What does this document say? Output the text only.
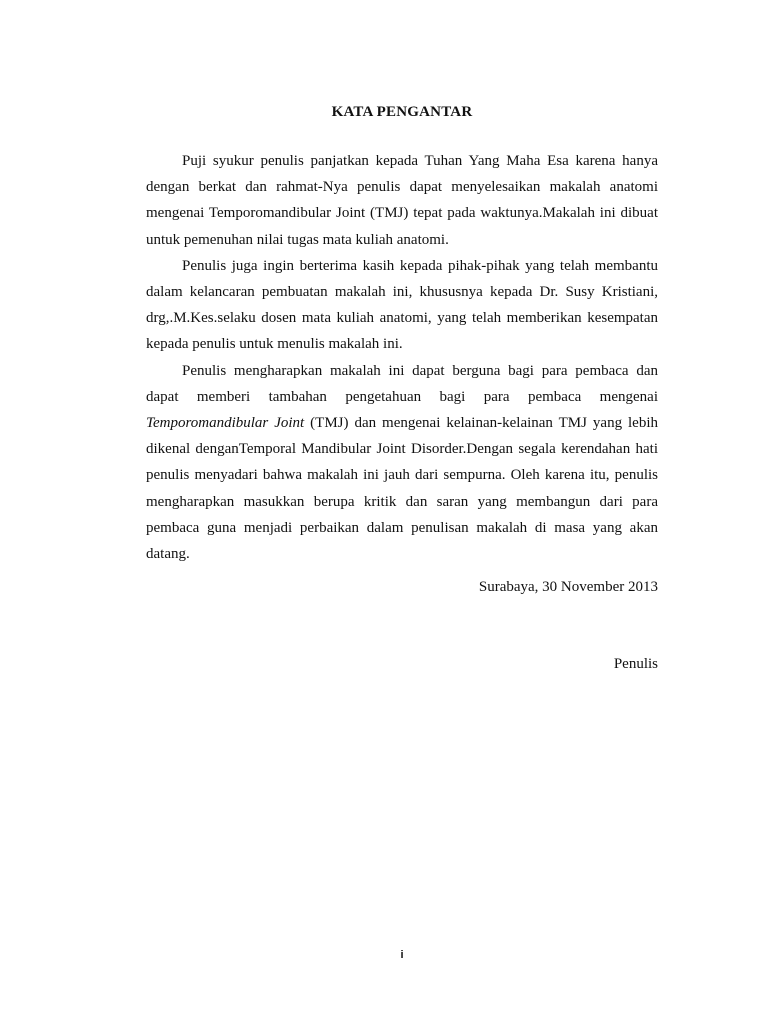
KATA PENGANTAR

Puji syukur penulis panjatkan kepada Tuhan Yang Maha Esa karena hanya dengan berkat dan rahmat-Nya penulis dapat menyelesaikan makalah anatomi mengenai Temporomandibular Joint (TMJ) tepat pada waktunya.Makalah ini dibuat untuk pemenuhan nilai tugas mata kuliah anatomi.

Penulis juga ingin berterima kasih kepada pihak-pihak yang telah membantu dalam kelancaran pembuatan makalah ini, khususnya kepada Dr. Susy Kristiani, drg,.M.Kes.selaku dosen mata kuliah anatomi, yang telah memberikan kesempatan kepada penulis untuk menulis makalah ini.

Penulis mengharapkan makalah ini dapat berguna bagi para pembaca dan dapat memberi tambahan pengetahuan bagi para pembaca mengenai Temporomandibular Joint (TMJ) dan mengenai kelainan-kelainan TMJ yang lebih dikenal denganTemporal Mandibular Joint Disorder.Dengan segala kerendahan hati penulis menyadari bahwa makalah ini jauh dari sempurna. Oleh karena itu, penulis mengharapkan masukkan berupa kritik dan saran yang membangun dari para pembaca guna menjadi perbaikan dalam penulisan makalah di masa yang akan datang.

Surabaya, 30 November 2013
Penulis
i
